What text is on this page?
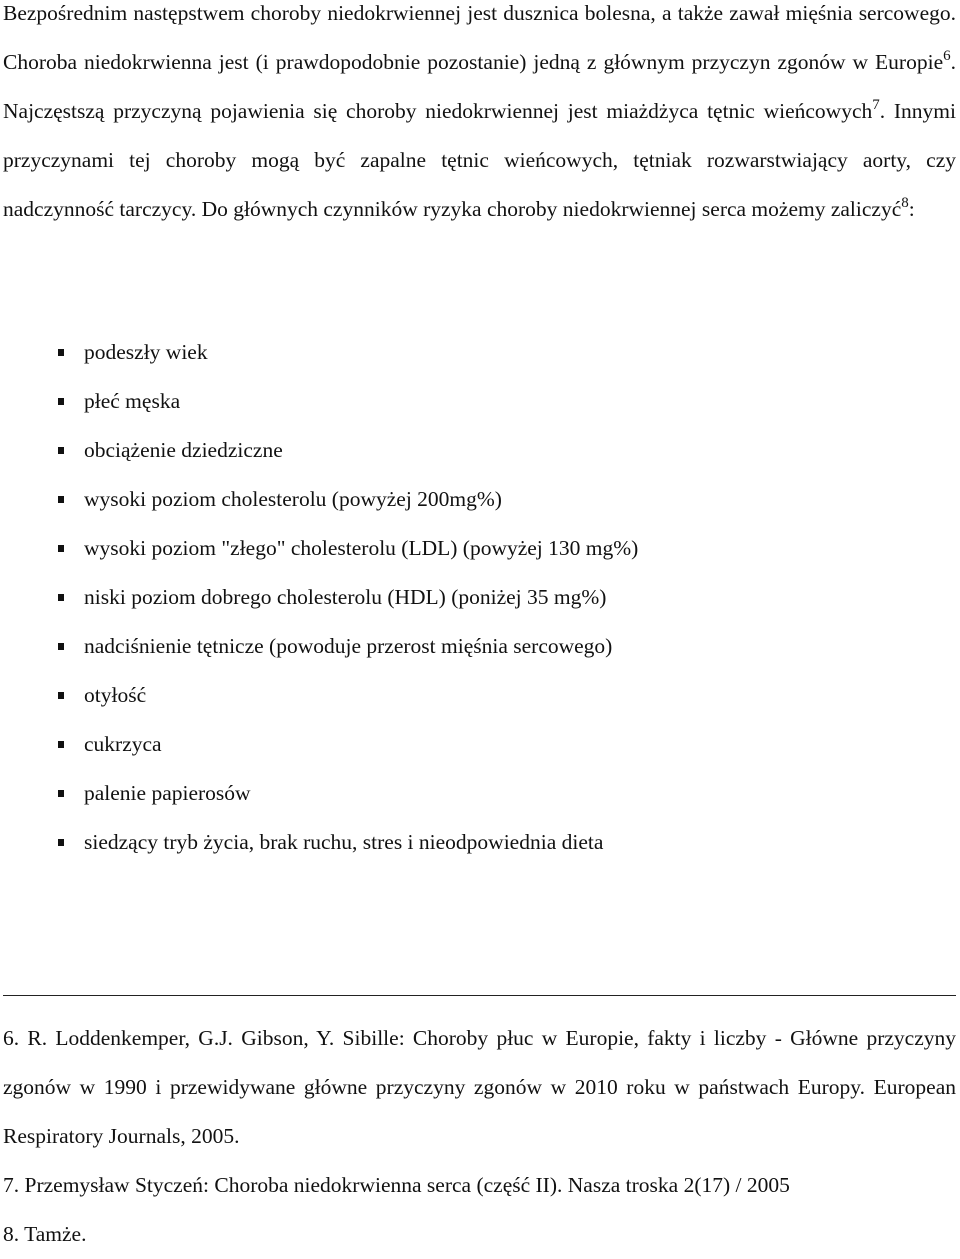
Bezpośrednim następstwem choroby niedokrwiennej jest dusznica bolesna, a także zawał mięśnia sercowego. Choroba niedokrwienna jest (i prawdopodobnie pozostanie) jedną z głównym przyczyn zgonów w Europie$^6$. Najczęstszą przyczyną pojawienia się choroby niedokrwiennej jest miażdżyca tętnic wieńcowych$^7$. Innymi przyczynami tej choroby mogą być zapalne tętnic wieńcowych, tętniak rozwarstwiający aorty, czy nadczynność tarczycy. Do głównych czynników ryzyka choroby niedokrwiennej serca możemy zaliczyć$^8$:

podeszły wiek
płeć męska
obciążenie dziedziczne
wysoki poziom cholesterolu (powyżej 200mg%)
wysoki poziom "złego" cholesterolu (LDL) (powyżej 130 mg%)
niski poziom dobrego cholesterolu (HDL) (poniżej 35 mg%)
nadciśnienie tętnicze (powoduje przerost mięśnia sercowego)
otyłość
cukrzyca
palenie papierosów
siedzący tryb życia, brak ruchu, stres i nieodpowiednia dieta
6. R. Loddenkemper, G.J. Gibson, Y. Sibille: Choroby płuc w Europie, fakty i liczby - Główne przyczyny zgonów w 1990 i przewidywane główne przyczyny zgonów w 2010 roku w państwach Europy. European Respiratory Journals, 2005.
7. Przemysław Styczeń: Choroba niedokrwienna serca (część II). Nasza troska 2(17) / 2005
8. Tamże.
